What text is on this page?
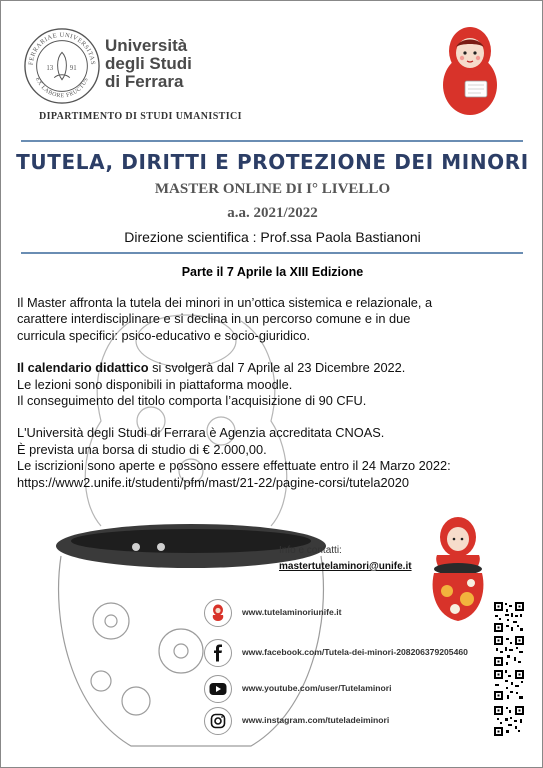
FERRARIAE UNIVERSITAS
EX LABORE FRUCTUS
13 91
Università
degli Studi
di Ferrara
DIPARTIMENTO DI STUDI UMANISTICI
TUTELA, DIRITTI E PROTEZIONE DEI MINORI
MASTER ONLINE DI I° LIVELLO
a.a. 2021/2022
Direzione scientifica : Prof.ssa Paola Bastianoni
Parte il 7 Aprile la XIII Edizione

Il Master affronta la tutela dei minori in un’ottica sistemica e relazionale, a

carattere interdisciplinare e si declina in un percorso comune e in due

curricula specifici: psico-educativo e socio-giuridico.

Il calendario didattico si svolgerà dal 7 Aprile al 23 Dicembre 2022.

Le lezioni sono disponibili in piattaforma moodle.

Il conseguimento del titolo comporta l’acquisizione di 90 CFU.

L'Università degli Studi di Ferrara è Agenzia accreditata CNOAS.

È prevista una borsa di studio di € 2.000,00.

Le iscrizioni sono aperte e possono essere effettuate entro il 24 Marzo 2022:

https://www2.unife.it/studenti/pfm/mast/21-22/pagine-corsi/tutela2020

Info e contatti:
mastertutelaminori@unife.it
www.tutelaminoriunife.it
www.facebook.com/Tutela-dei-minori-208206379205460
www.youtube.com/user/Tutelaminori
www.instagram.com/tuteladeiminori
